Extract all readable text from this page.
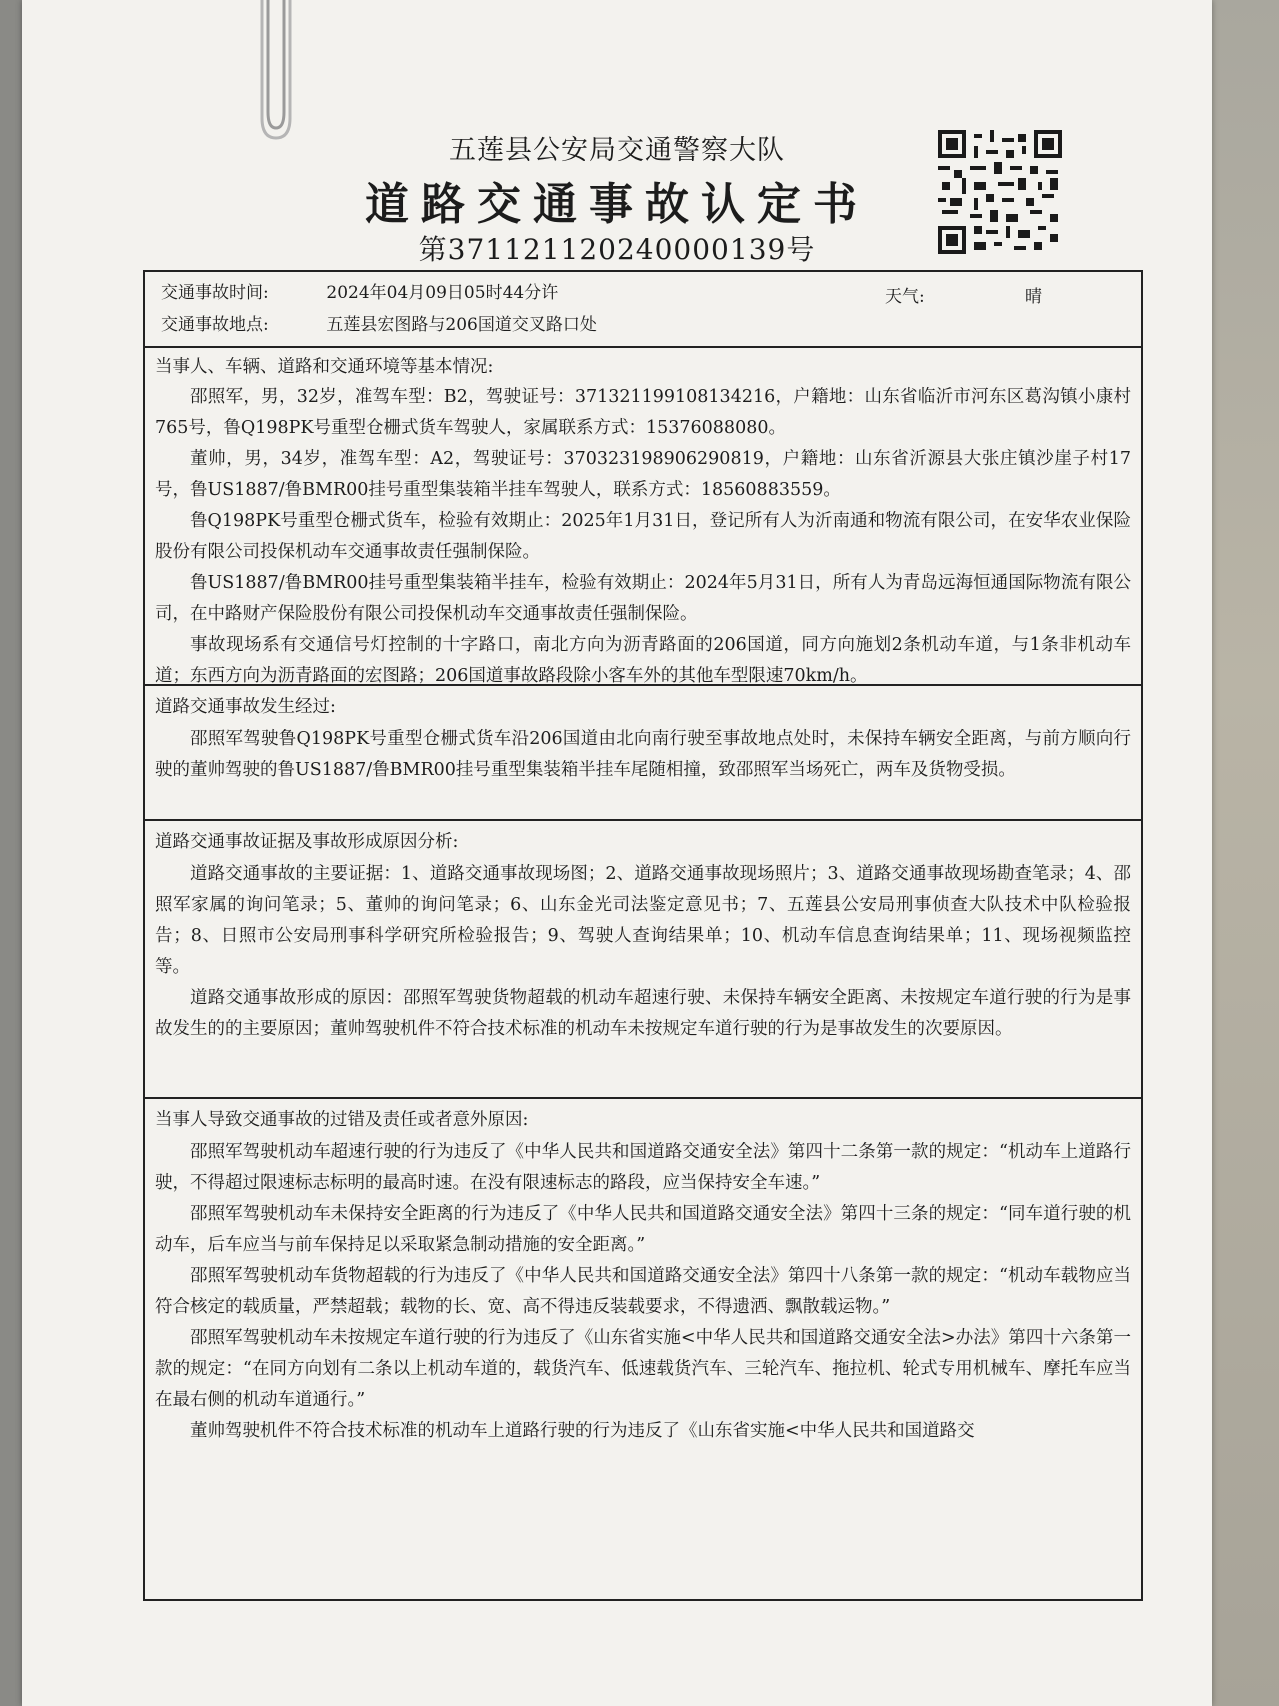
五莲县公安局交通警察大队
道路交通事故认定书
第371121120240000139号
交通事故时间:	2024年04月09日05时44分许	天气:	晴
交通事故地点:	五莲县宏图路与206国道交叉路口处
当事人、车辆、道路和交通环境等基本情况:

邵照军，男，32岁，准驾车型：B2，驾驶证号：371321199108134216，户籍地：山东省临沂市河东区葛沟镇小康村765号，鲁Q198PK号重型仓栅式货车驾驶人，家属联系方式：15376088080。

董帅，男，34岁，准驾车型：A2，驾驶证号：370323198906290819，户籍地：山东省沂源县大张庄镇沙崖子村17号，鲁US1887/鲁BMR00挂号重型集装箱半挂车驾驶人，联系方式：18560883559。

鲁Q198PK号重型仓栅式货车，检验有效期止：2025年1月31日，登记所有人为沂南通和物流有限公司，在安华农业保险股份有限公司投保机动车交通事故责任强制保险。

鲁US1887/鲁BMR00挂号重型集装箱半挂车，检验有效期止：2024年5月31日，所有人为青岛远海恒通国际物流有限公司，在中路财产保险股份有限公司投保机动车交通事故责任强制保险。

事故现场系有交通信号灯控制的十字路口，南北方向为沥青路面的206国道，同方向施划2条机动车道，与1条非机动车道；东西方向为沥青路面的宏图路；206国道事故路段除小客车外的其他车型限速70km/h。

道路交通事故发生经过:

邵照军驾驶鲁Q198PK号重型仓栅式货车沿206国道由北向南行驶至事故地点处时，未保持车辆安全距离，与前方顺向行驶的董帅驾驶的鲁US1887/鲁BMR00挂号重型集装箱半挂车尾随相撞，致邵照军当场死亡，两车及货物受损。

道路交通事故证据及事故形成原因分析:

道路交通事故的主要证据：1、道路交通事故现场图；2、道路交通事故现场照片；3、道路交通事故现场勘查笔录；4、邵照军家属的询问笔录；5、董帅的询问笔录；6、山东金光司法鉴定意见书；7、五莲县公安局刑事侦查大队技术中队检验报告；8、日照市公安局刑事科学研究所检验报告；9、驾驶人查询结果单；10、机动车信息查询结果单；11、现场视频监控等。

道路交通事故形成的原因：邵照军驾驶货物超载的机动车超速行驶、未保持车辆安全距离、未按规定车道行驶的行为是事故发生的的主要原因；董帅驾驶机件不符合技术标准的机动车未按规定车道行驶的行为是事故发生的次要原因。

当事人导致交通事故的过错及责任或者意外原因:

邵照军驾驶机动车超速行驶的行为违反了《中华人民共和国道路交通安全法》第四十二条第一款的规定：“机动车上道路行驶，不得超过限速标志标明的最高时速。在没有限速标志的路段，应当保持安全车速。”

邵照军驾驶机动车未保持安全距离的行为违反了《中华人民共和国道路交通安全法》第四十三条的规定：“同车道行驶的机动车，后车应当与前车保持足以采取紧急制动措施的安全距离。”

邵照军驾驶机动车货物超载的行为违反了《中华人民共和国道路交通安全法》第四十八条第一款的规定：“机动车载物应当符合核定的载质量，严禁超载；载物的长、宽、高不得违反装载要求，不得遗洒、飘散载运物。”

邵照军驾驶机动车未按规定车道行驶的行为违反了《山东省实施<中华人民共和国道路交通安全法>办法》第四十六条第一款的规定：“在同方向划有二条以上机动车道的，载货汽车、低速载货汽车、三轮汽车、拖拉机、轮式专用机械车、摩托车应当在最右侧的机动车道通行。”

董帅驾驶机件不符合技术标准的机动车上道路行驶的行为违反了《山东省实施<中华人民共和国道路交
